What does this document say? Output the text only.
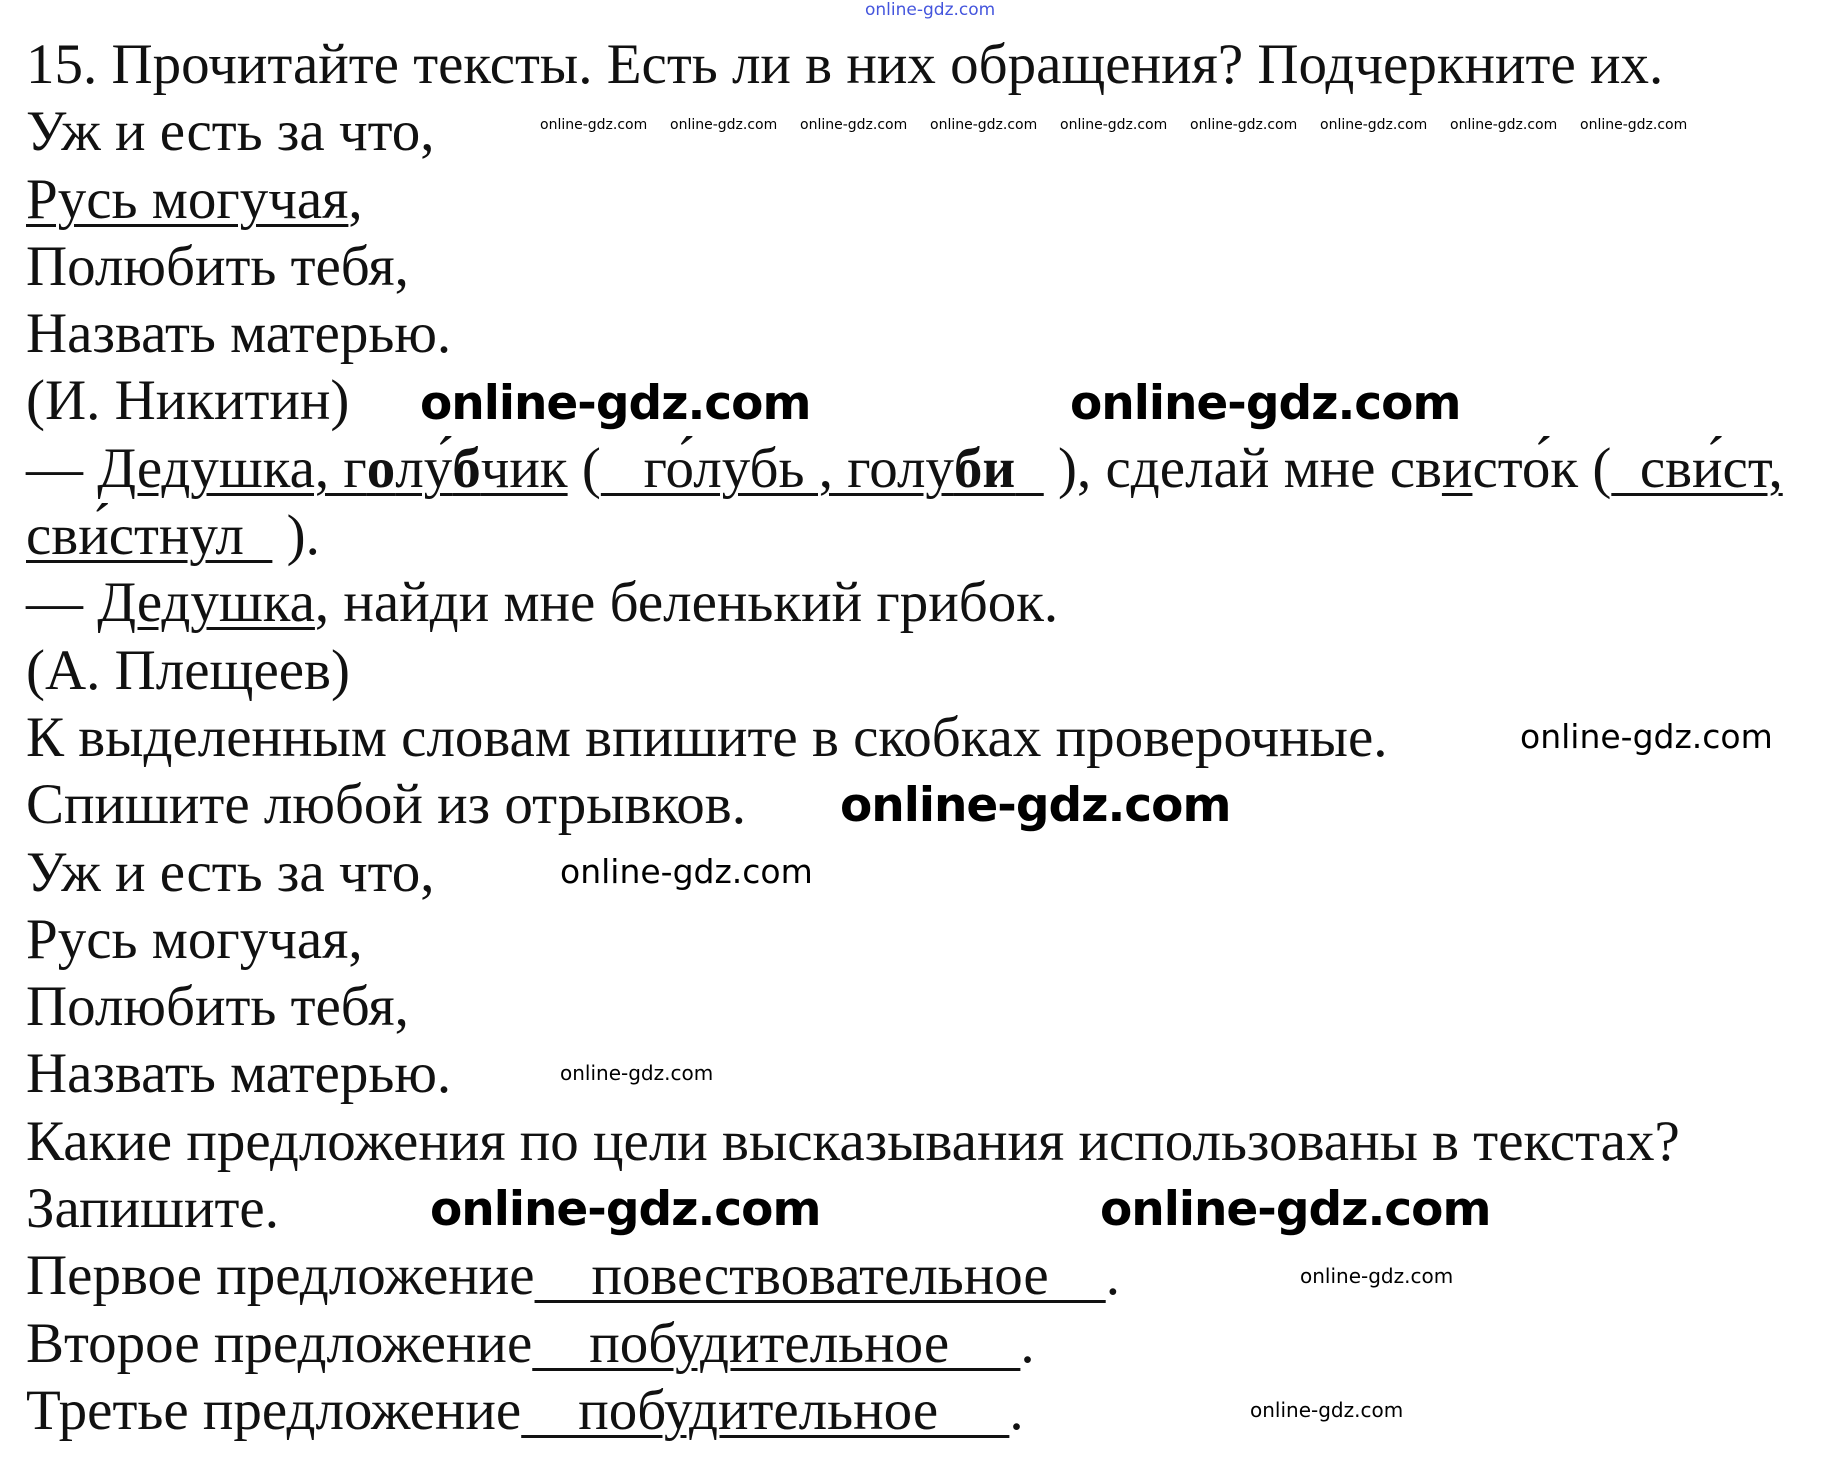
15. Прочитайте тексты. Есть ли в них обращения? Подчеркните их.
Уж и есть за что,
Русь могучая,
Полюбить тебя,
Назвать матерью.
(И. Никитин)
— Дедушка, голу́бчик (   го́лубь , голуби   ), сделай мне свисто́к (  сви́ст,
сви́стнул   ).
— Дедушка, найди мне беленький грибок.
(А. Плещеев)
К выделенным словам впишите в скобках проверочные.
Спишите любой из отрывков.
Уж и есть за что,
Русь могучая,
Полюбить тебя,
Назвать матерью.
Какие предложения по цели высказывания использованы в текстах?
Запишите.
Первое предложение    повествовательное    .
Второе предложение    побудительное     .
Третье предложение    побудительное     .
online-gdz.com
online-gdz.com online-gdz.com online-gdz.com online-gdz.com online-gdz.com online-gdz.com online-gdz.com online-gdz.com online-gdz.com
online-gdz.com	online-gdz.com
online-gdz.com
online-gdz.com
online-gdz.com
online-gdz.com
online-gdz.com	online-gdz.com
online-gdz.com
online-gdz.com
